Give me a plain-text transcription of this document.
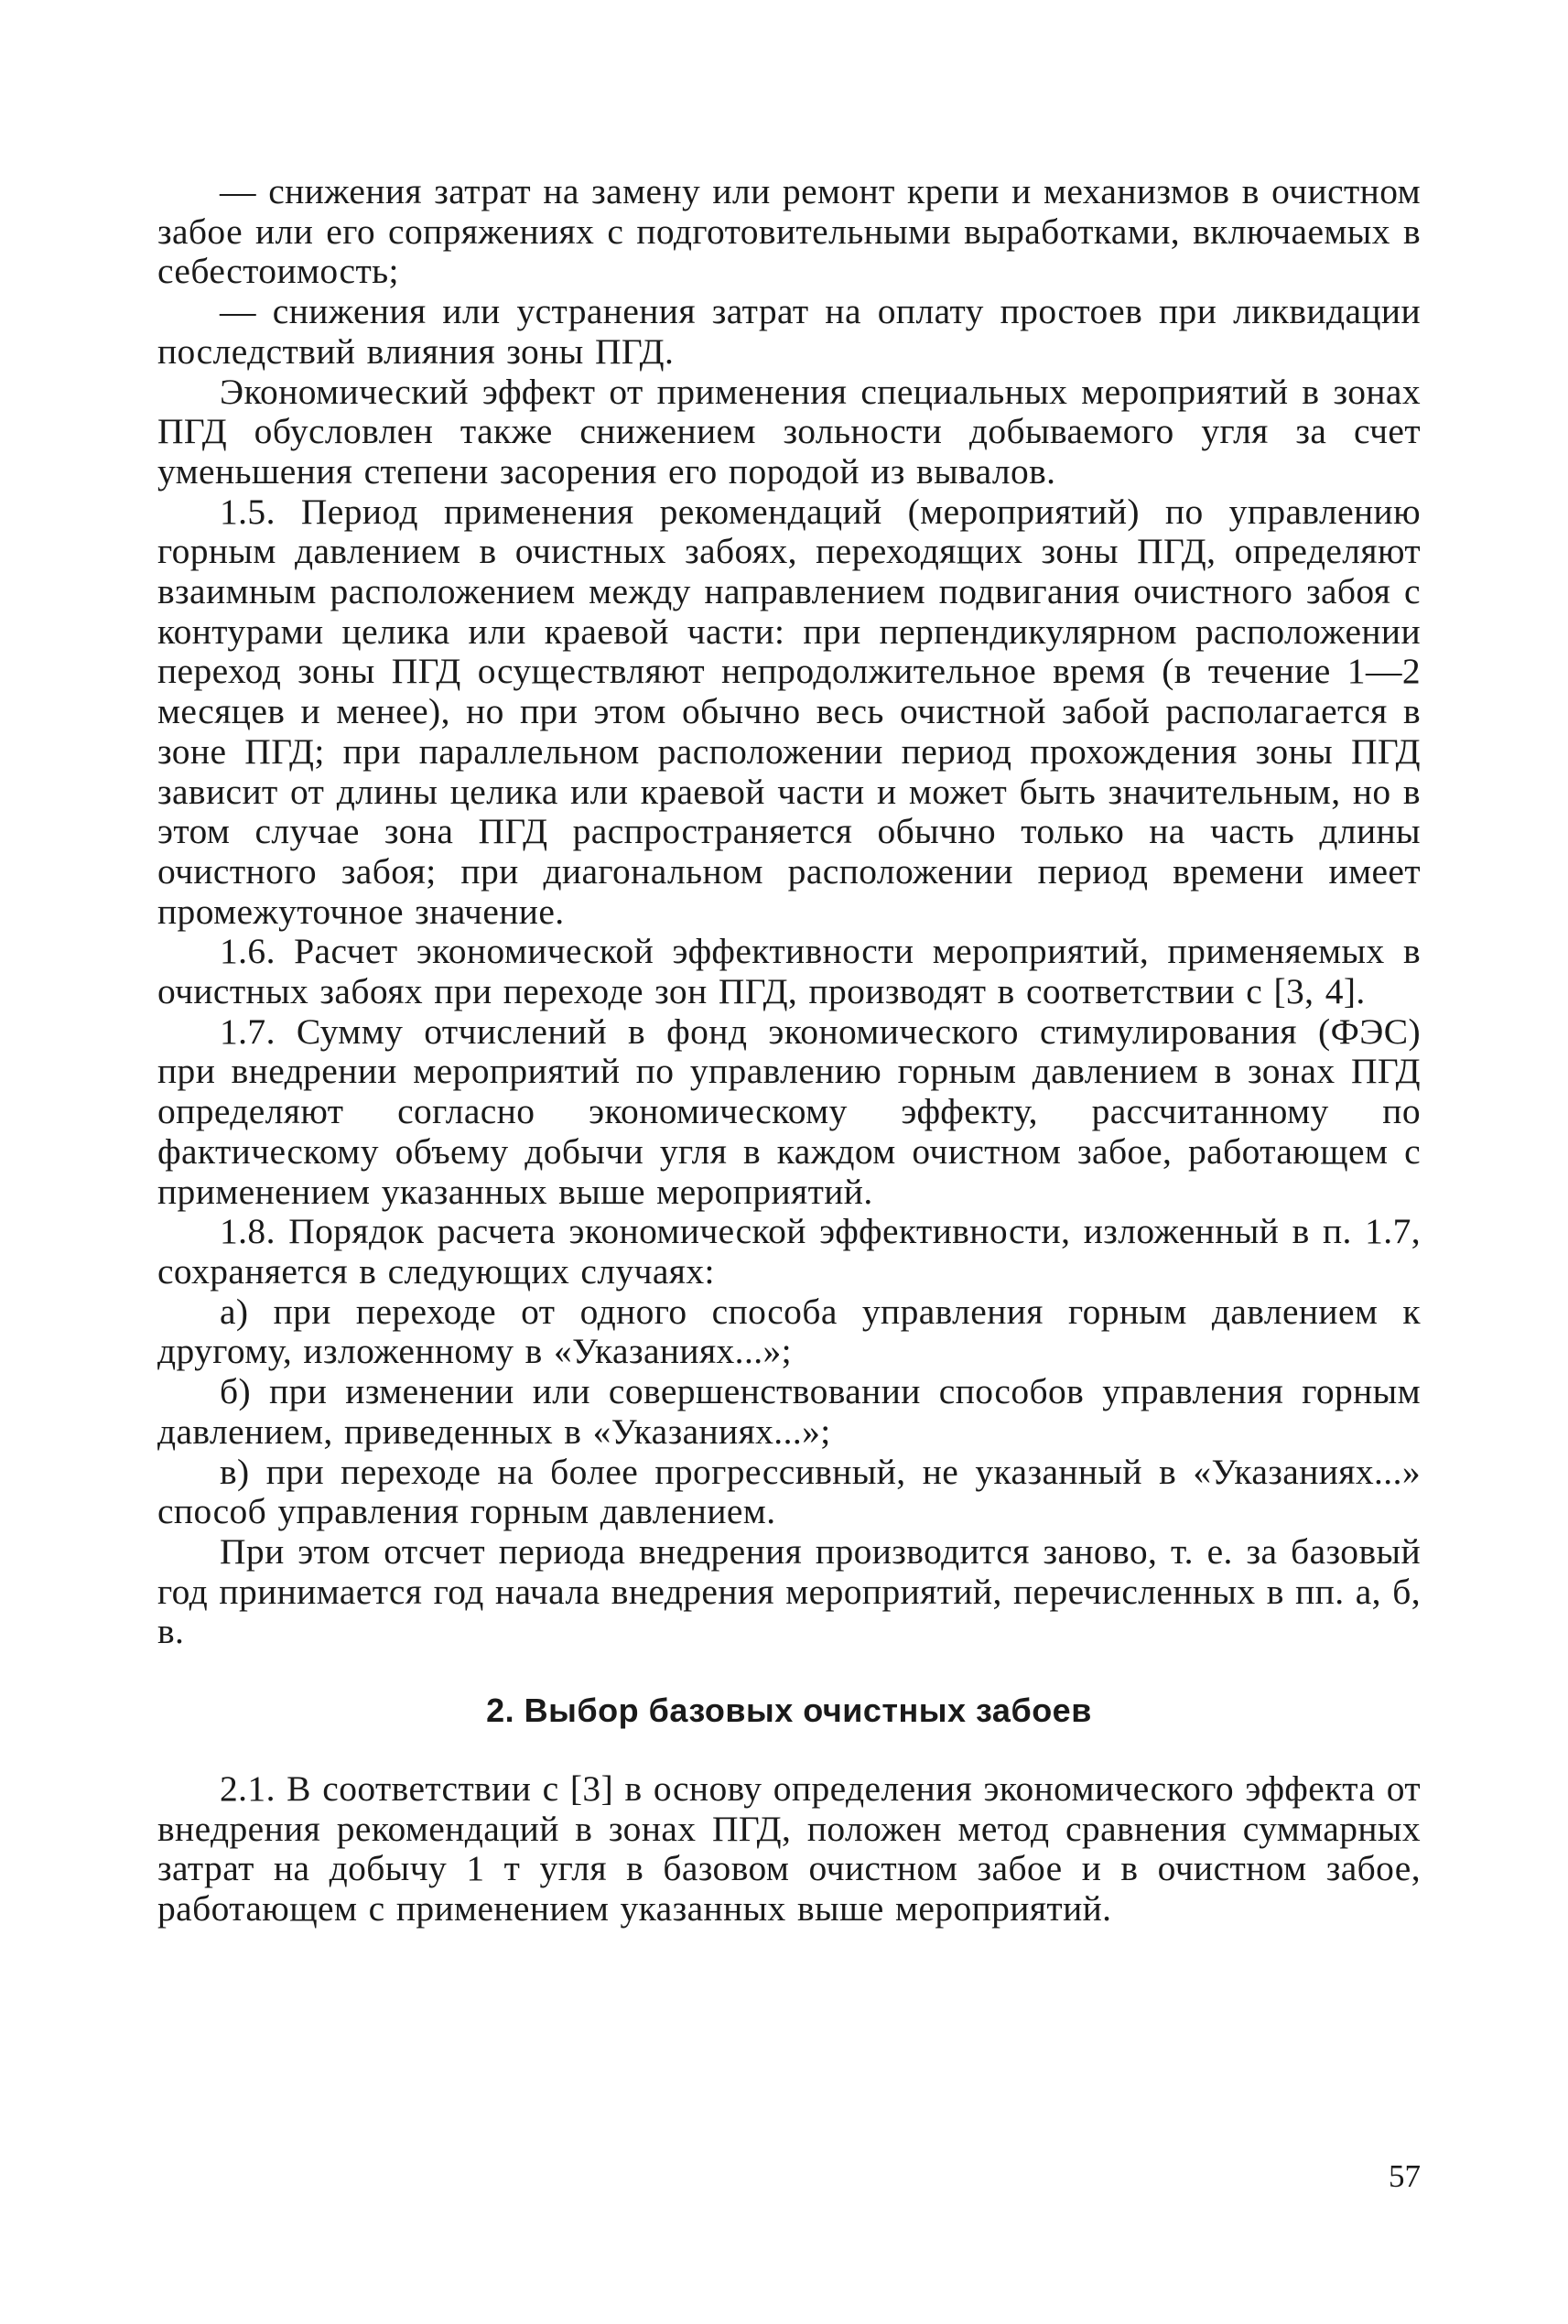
— снижения затрат на замену или ремонт крепи и механизмов в очистном забое или его сопряжениях с подготовительными выработками, включаемых в себестоимость;

— снижения или устранения затрат на оплату простоев при ликвидации последствий влияния зоны ПГД.

Экономический эффект от применения специальных мероприятий в зонах ПГД обусловлен также снижением зольности добываемого угля за счет уменьшения степени засорения его породой из вывалов.

1.5. Период применения рекомендаций (мероприятий) по управлению горным давлением в очистных забоях, переходящих зоны ПГД, определяют взаимным расположением между направлением подвигания очистного забоя с контурами целика или краевой части: при перпендикулярном расположении переход зоны ПГД осуществляют непродолжительное время (в течение 1—2 месяцев и менее), но при этом обычно весь очистной забой располагается в зоне ПГД; при параллельном расположении период прохождения зоны ПГД зависит от длины целика или краевой части и может быть значительным, но в этом случае зона ПГД распространяется обычно только на часть длины очистного забоя; при диагональном расположении период времени имеет промежуточное значение.

1.6. Расчет экономической эффективности мероприятий, применяемых в очистных забоях при переходе зон ПГД, производят в соответствии с [3, 4].

1.7. Сумму отчислений в фонд экономического стимулирования (ФЭС) при внедрении мероприятий по управлению горным давлением в зонах ПГД определяют согласно экономическому эффекту, рассчитанному по фактическому объему добычи угля в каждом очистном забое, работающем с применением указанных выше мероприятий.

1.8. Порядок расчета экономической эффективности, изложенный в п. 1.7, сохраняется в следующих случаях:

а) при переходе от одного способа управления горным давлением к другому, изложенному в «Указаниях...»;

б) при изменении или совершенствовании способов управления горным давлением, приведенных в «Указаниях...»;

в) при переходе на более прогрессивный, не указанный в «Указаниях...» способ управления горным давлением.

При этом отсчет периода внедрения производится заново, т. е. за базовый год принимается год начала внедрения мероприятий, перечисленных в пп. а, б, в.

2. Выбор базовых очистных забоев

2.1. В соответствии с [3] в основу определения экономического эффекта от внедрения рекомендаций в зонах ПГД, положен метод сравнения суммарных затрат на добычу 1 т угля в базовом очистном забое и в очистном забое, работающем с применением указанных выше мероприятий.

57
